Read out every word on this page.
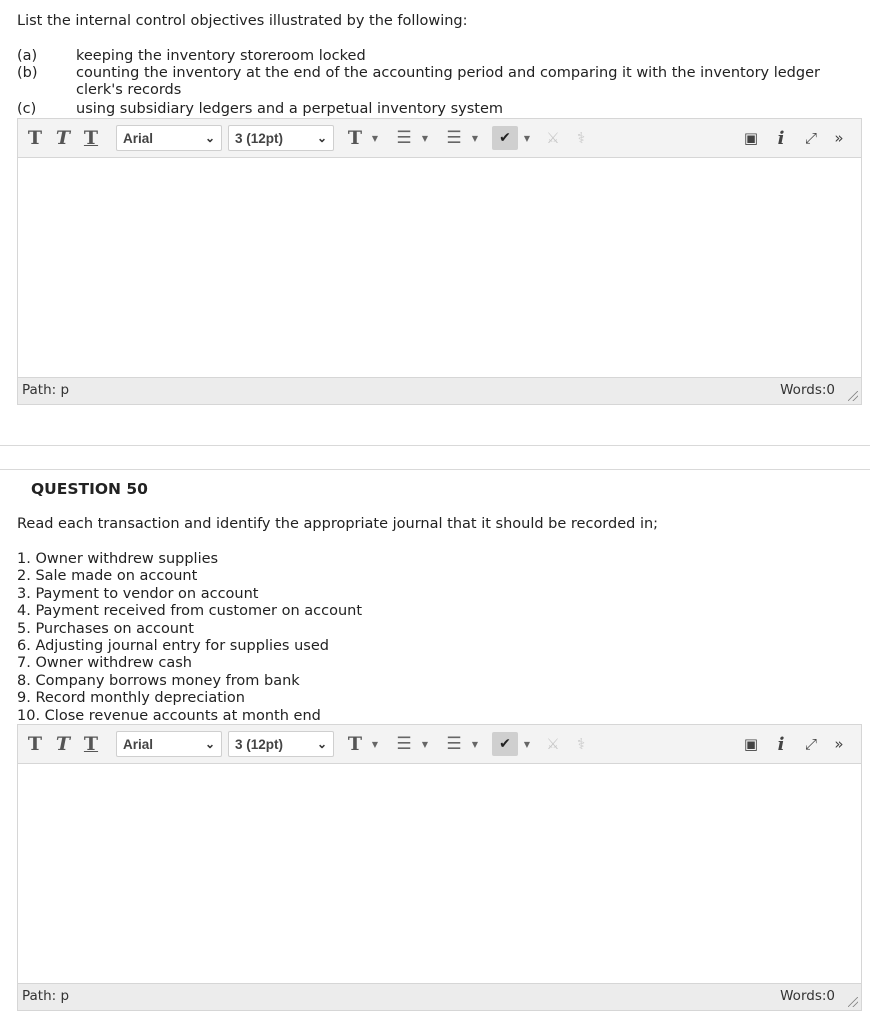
List the internal control objectives illustrated by the following:

(a)	keeping the inventory storeroom locked
(b)	counting the inventory at the end of the accounting period and comparing it with the inventory ledger clerk's records
(c)	using subsidiary ledgers and a perpetual inventory system
T T T Arial	⌄ 3 (12pt)	⌄ T	▼ ☰	▼ ☰	▼	✔	▼ ⚔	⚕	▣	i	⤢	»
Path: p	Words:0
QUESTION 50
Read each transaction and identify the appropriate journal that it should be recorded in;
1. Owner withdrew supplies
2. Sale made on account
3. Payment to vendor on account
4. Payment received from customer on account
5. Purchases on account
6. Adjusting journal entry for supplies used
7. Owner withdrew cash
8. Company borrows money from bank
9. Record monthly depreciation
10. Close revenue accounts at month end
T T T Arial	⌄ 3 (12pt)	⌄ T	▼ ☰	▼ ☰	▼	✔	▼ ⚔	⚕	▣	i	⤢	»
Path: p	Words:0
